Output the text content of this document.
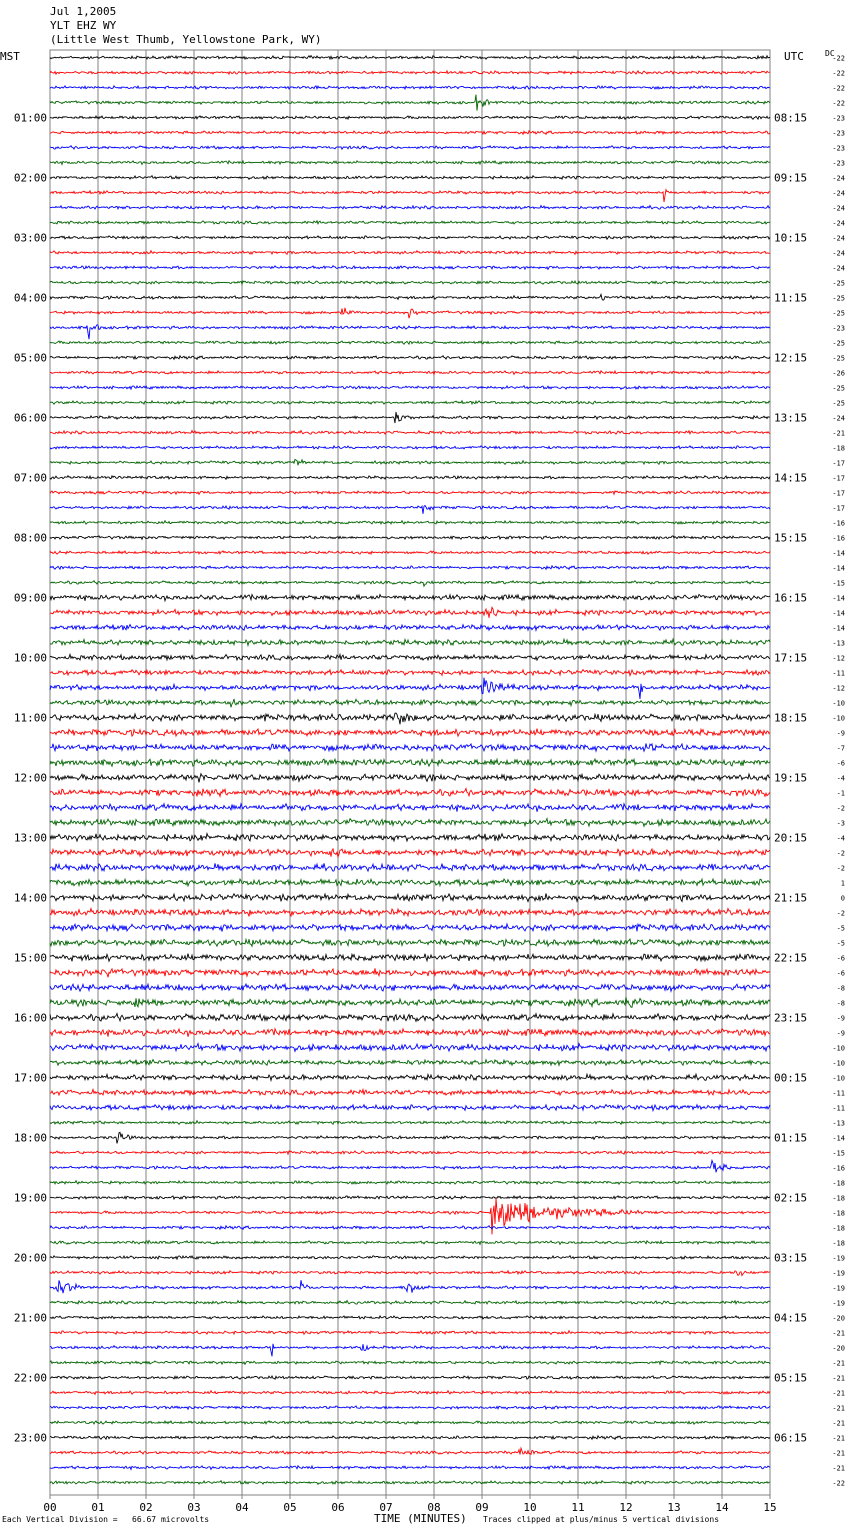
Jul 1,2005
YLT EHZ WY
(Little West Thumb, Yellowstone Park, WY)
00	01	02	03	04	05	06	07	08	09	10	11	12	13	14	15
-22
-22
-22
-22
-23
-23
-23
-23
-24
-24
-24
-24
-24
-24
-24
-25
-25
-25
-23
-25
-25
-26
-25
-25
-24
-21
-18
-17
-17
-17
-17
-16
-16
-14
-14
-15
-14
-14
-14
-13
-12
-11
-12
-10
-10
-9
-7
-6
-4
-1
-2
-3
-4
-2
-2
1
0
-2
-5
-5
-6
-6
-8
-8
-9
-9
-10
-10
-10
-11
-11
-13
-14
-15
-16
-18
-18
-18
-18
-18
-19
-19
-19
-19
-20
-21
-20
-21
-21
-21
-21
-21
-21
-21
-21
-22
01:00	08:15
02:00	09:15
03:00	10:15
04:00	11:15
05:00	12:15
06:00	13:15
07:00	14:15
08:00	15:15
09:00	16:15
10:00	17:15
11:00	18:15
12:00	19:15
13:00	20:15
14:00	21:15
15:00	22:15
16:00	23:15
17:00	00:15
18:00	01:15
19:00	02:15
20:00	03:15
21:00	04:15
22:00	05:15
23:00	06:15
MST	UTC	DC
Each Vertical Division =   66.67 microvolts	TIME (MINUTES) Traces clipped at plus/minus 5 vertical divisions
